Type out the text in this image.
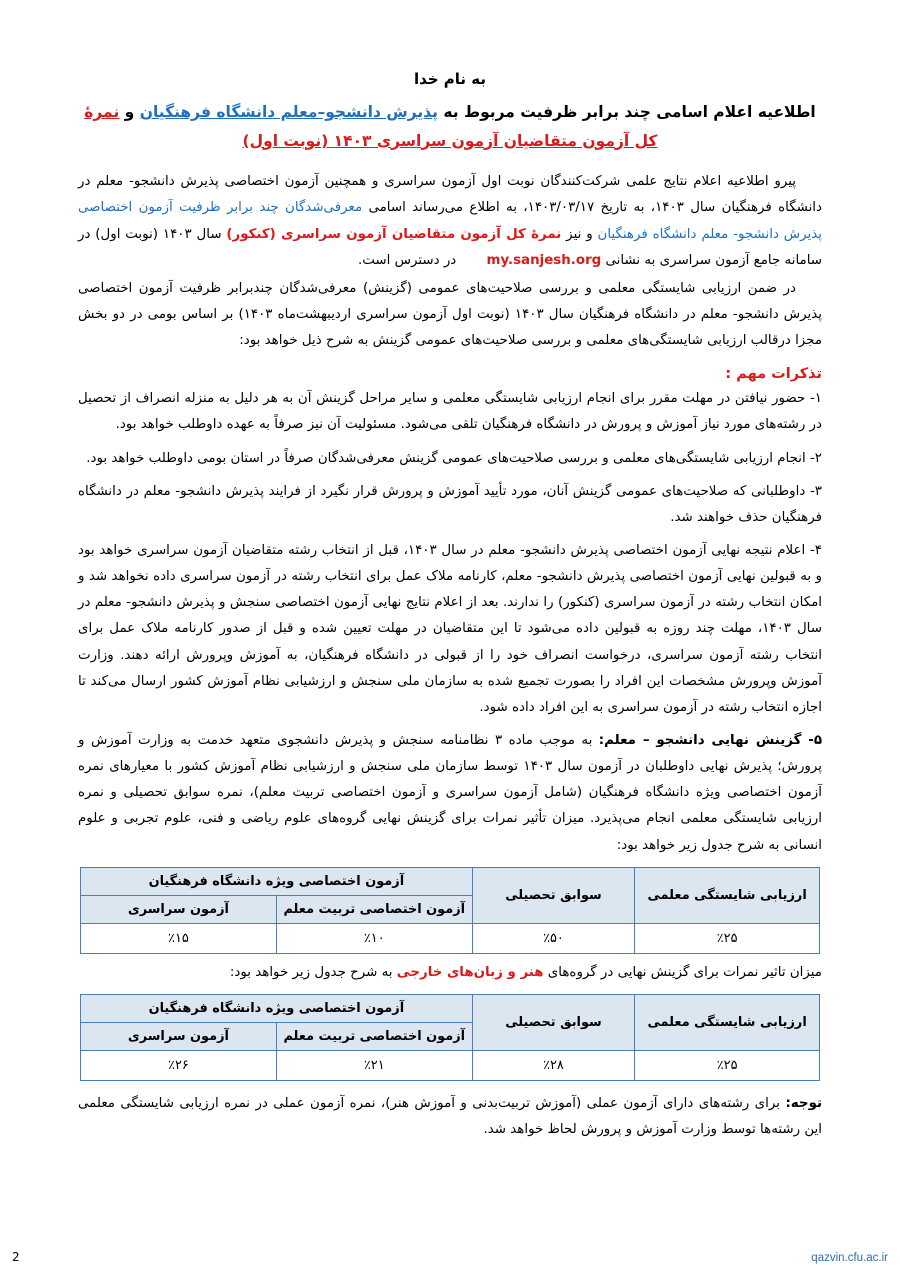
به نام خدا
اطلاعیه اعلام اسامی چند برابر ظرفیت مربوط به پذیرش دانشجو–معلم دانشگاه فرهنگیان و نمرهٔ کل آزمون متقاضیان آزمون سراسری ۱۴۰۳ (نوبت اول)

پیرو اطلاعیه اعلام نتایج علمی شرکت‌کنندگان نوبت اول آزمون سراسری و همچنین آزمون اختصاصی پذیرش دانشجو- معلم در دانشگاه فرهنگیان سال ۱۴۰۳، به تاریخ ۱۴۰۳/۰۳/۱۷، به اطلاع می‌رساند اسامی معرفی‌شدگان چند برابر ظرفیت آزمون اختصاصی پذیرش دانشجو- معلم دانشگاه فرهنگیان و نیز نمرهٔ کل آزمون متقاضیان آزمون سراسری (کنکور) سال ۱۴۰۳ (نوبت اول) در سامانه جامع آزمون سراسری به نشانی my.sanjesh.org در دسترس است.

در ضمن ارزیابی شایستگی معلمی و بررسی صلاحیت‌های عمومی (گزینش) معرفی‌شدگان چندبرابر ظرفیت آزمون اختصاصی پذیرش دانشجو- معلم در دانشگاه فرهنگیان سال ۱۴۰۳ (نوبت اول آزمون سراسری اردیبهشت‌ماه ۱۴۰۳) بر اساس بومی در دو بخش مجزا درقالب ارزیابی شایستگی‌های معلمی و بررسی صلاحیت‌های عمومی گزینش به شرح ذیل خواهد بود:

تذکرات مهم :
۱- حضور نیافتن در مهلت مقرر برای انجام ارزیابی شایستگی معلمی و سایر مراحل گزینش آن به هر دلیل به منزله انصراف از تحصیل در رشته‌های مورد نیاز آموزش و پرورش در دانشگاه فرهنگیان تلقی می‌شود. مسئولیت آن نیز صرفاً به عهده داوطلب خواهد بود.
۲- انجام ارزیابی شایستگی‌های معلمی و بررسی صلاحیت‌های عمومی گزینش معرفی‌شدگان صرفاً در استان بومی داوطلب خواهد بود.
۳- داوطلبانی که صلاحیت‌های عمومی گزینش آنان، مورد تأیید آموزش و پرورش قرار نگیرد از فرایند پذیرش دانشجو- معلم در دانشگاه فرهنگیان حذف خواهند شد.
۴- اعلام نتیجه نهایی آزمون اختصاصی پذیرش دانشجو- معلم در سال ۱۴۰۳، قبل از انتخاب رشته متقاضیان آزمون سراسری خواهد بود و به قبولین نهایی آزمون اختصاصی پذیرش دانشجو- معلم، کارنامه ملاک عمل برای انتخاب رشته در آزمون سراسری داده نخواهد شد و امکان انتخاب رشته در آزمون سراسری (کنکور) را ندارند. بعد از اعلام نتایج نهایی آزمون اختصاصی سنجش و پذیرش دانشجو- معلم در سال ۱۴۰۳، مهلت چند روزه به قبولین داده می‌شود تا این متقاضیان در مهلت تعیین شده و قبل از صدور کارنامه ملاک عمل برای انتخاب رشته آزمون سراسری، درخواست انصراف خود را از قبولی در دانشگاه فرهنگیان، به آموزش وپرورش ارائه دهند. وزارت آموزش وپرورش مشخصات این افراد را بصورت تجمیع شده به سازمان ملی سنجش و ارزشیابی نظام آموزش کشور ارسال می‌کند تا اجازه انتخاب رشته در آزمون سراسری به این افراد داده شود.
۵- گزینش نهایی دانشجو – معلم: به موجب ماده ۳ نظامنامه سنجش و پذیرش دانشجوی متعهد خدمت به وزارت آموزش و پرورش؛ پذیرش نهایی داوطلبان در آزمون سال ۱۴۰۳ توسط سازمان ملی سنجش و ارزشیابی نظام آموزش کشور با معیارهای نمره آزمون اختصاصی ویژه دانشگاه فرهنگیان (شامل آزمون سراسری و آزمون اختصاصی تربیت معلم)، نمره سوابق تحصیلی و نمره ارزیابی شایستگی معلمی انجام می‌پذیرد. میزان تأثیر نمرات برای گزینش نهایی گروه‌های علوم ریاضی و فنی، علوم تجربی و علوم انسانی به شرح جدول زیر خواهد بود:
ارزیابی شایستگی معلمی	سوابق تحصیلی	آزمون اختصاصی ویژه دانشگاه فرهنگیان	
		آزمون اختصاصی تربیت معلم	آزمون سراسری
٪۲۵	٪۵۰	٪۱۰	٪۱۵

میزان تاثیر نمرات برای گزینش نهایی در گروه‌های هنر و زبان‌های خارجی به شرح جدول زیر خواهد بود:

ارزیابی شایستگی معلمی	سوابق تحصیلی	آزمون اختصاصی ویژه دانشگاه فرهنگیان	
		آزمون اختصاصی تربیت معلم	آزمون سراسری
٪۲۵	٪۲۸	٪۲۱	٪۲۶

توجه: برای رشته‌های دارای آزمون عملی (آموزش تربیت‌بدنی و آموزش هنر)، نمره آزمون عملی در نمره ارزیابی شایستگی معلمی این رشته‌ها توسط وزارت آموزش و پرورش لحاظ خواهد شد.

qazvin.cfu.ac.ir
2
